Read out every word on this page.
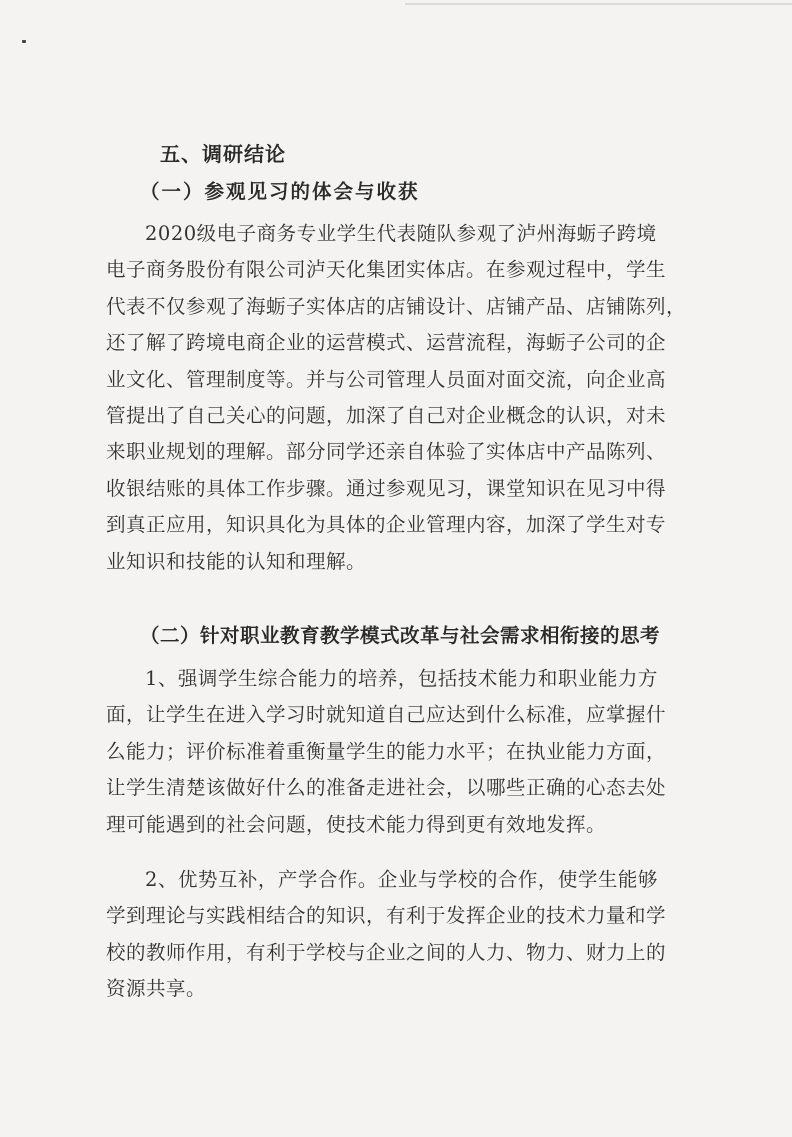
五、调研结论
（一）参观见习的体会与收获
2020级电子商务专业学生代表随队参观了泸州海蛎子跨境
电子商务股份有限公司泸天化集团实体店。在参观过程中，学生
代表不仅参观了海蛎子实体店的店铺设计、店铺产品、店铺陈列，
还了解了跨境电商企业的运营模式、运营流程，海蛎子公司的企
业文化、管理制度等。并与公司管理人员面对面交流，向企业高
管提出了自己关心的问题，加深了自己对企业概念的认识，对未
来职业规划的理解。部分同学还亲自体验了实体店中产品陈列、
收银结账的具体工作步骤。通过参观见习，课堂知识在见习中得
到真正应用，知识具化为具体的企业管理内容，加深了学生对专
业知识和技能的认知和理解。
（二）针对职业教育教学模式改革与社会需求相衔接的思考
1、强调学生综合能力的培养，包括技术能力和职业能力方
面，让学生在进入学习时就知道自己应达到什么标准，应掌握什
么能力；评价标准着重衡量学生的能力水平；在执业能力方面，
让学生清楚该做好什么的准备走进社会，以哪些正确的心态去处
理可能遇到的社会问题，使技术能力得到更有效地发挥。
2、优势互补，产学合作。企业与学校的合作，使学生能够
学到理论与实践相结合的知识，有利于发挥企业的技术力量和学
校的教师作用，有利于学校与企业之间的人力、物力、财力上的
资源共享。
